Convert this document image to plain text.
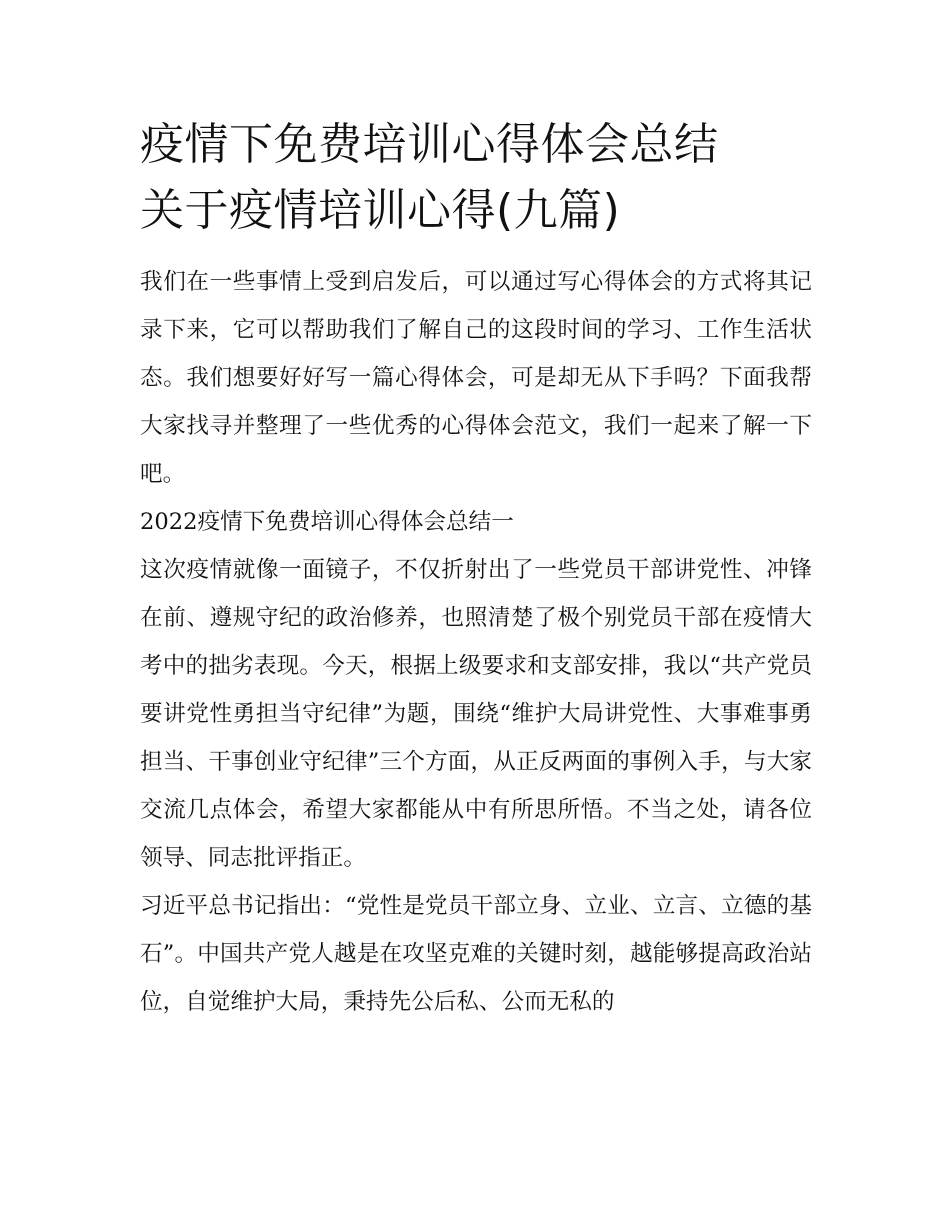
疫情下免费培训心得体会总结
关于疫情培训心得(九篇)

我们在一些事情上受到启发后，可以通过写心得体会的方式将其记录下来，它可以帮助我们了解自己的这段时间的学习、工作生活状态。我们想要好好写一篇心得体会，可是却无从下手吗？下面我帮大家找寻并整理了一些优秀的心得体会范文，我们一起来了解一下吧。

2022疫情下免费培训心得体会总结一

这次疫情就像一面镜子，不仅折射出了一些党员干部讲党性、冲锋在前、遵规守纪的政治修养，也照清楚了极个别党员干部在疫情大考中的拙劣表现。今天，根据上级要求和支部安排，我以“共产党员要讲党性勇担当守纪律”为题，围绕“维护大局讲党性、大事难事勇担当、干事创业守纪律”三个方面，从正反两面的事例入手，与大家交流几点体会，希望大家都能从中有所思所悟。不当之处，请各位领导、同志批评指正。

习近平总书记指出：“党性是党员干部立身、立业、立言、立德的基石”。中国共产党人越是在攻坚克难的关键时刻，越能够提高政治站位，自觉维护大局，秉持先公后私、公而无私的
